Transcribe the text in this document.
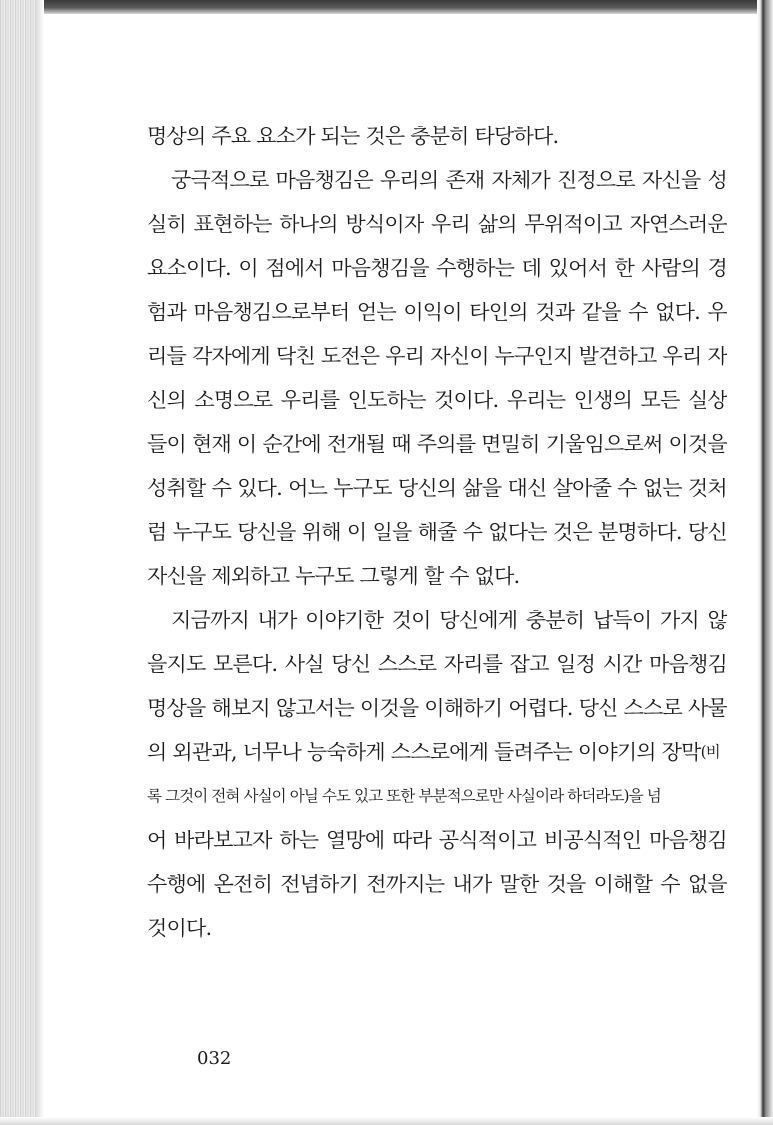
명상의 주요 요소가 되는 것은 충분히 타당하다.
궁극적으로 마음챙김은 우리의 존재 자체가 진정으로 자신을 성
실히 표현하는 하나의 방식이자 우리 삶의 무위적이고 자연스러운
요소이다. 이 점에서 마음챙김을 수행하는 데 있어서 한 사람의 경
험과 마음챙김으로부터 얻는 이익이 타인의 것과 같을 수 없다. 우
리들 각자에게 닥친 도전은 우리 자신이 누구인지 발견하고 우리 자
신의 소명으로 우리를 인도하는 것이다. 우리는 인생의 모든 실상
들이 현재 이 순간에 전개될 때 주의를 면밀히 기울임으로써 이것을
성취할 수 있다. 어느 누구도 당신의 삶을 대신 살아줄 수 없는 것처
럼 누구도 당신을 위해 이 일을 해줄 수 없다는 것은 분명하다. 당신
자신을 제외하고 누구도 그렇게 할 수 없다.
지금까지 내가 이야기한 것이 당신에게 충분히 납득이 가지 않
을지도 모른다. 사실 당신 스스로 자리를 잡고 일정 시간 마음챙김
명상을 해보지 않고서는 이것을 이해하기 어렵다. 당신 스스로 사물
의 외관과, 너무나 능숙하게 스스로에게 들려주는 이야기의 장막 (비
록 그것이 전혀 사실이 아닐 수도 있고 또한 부분적으로만 사실이라 하더라도)을 넘
어 바라보고자 하는 열망에 따라 공식적이고 비공식적인 마음챙김
수행에 온전히 전념하기 전까지는 내가 말한 것을 이해할 수 없을
것이다.
032
